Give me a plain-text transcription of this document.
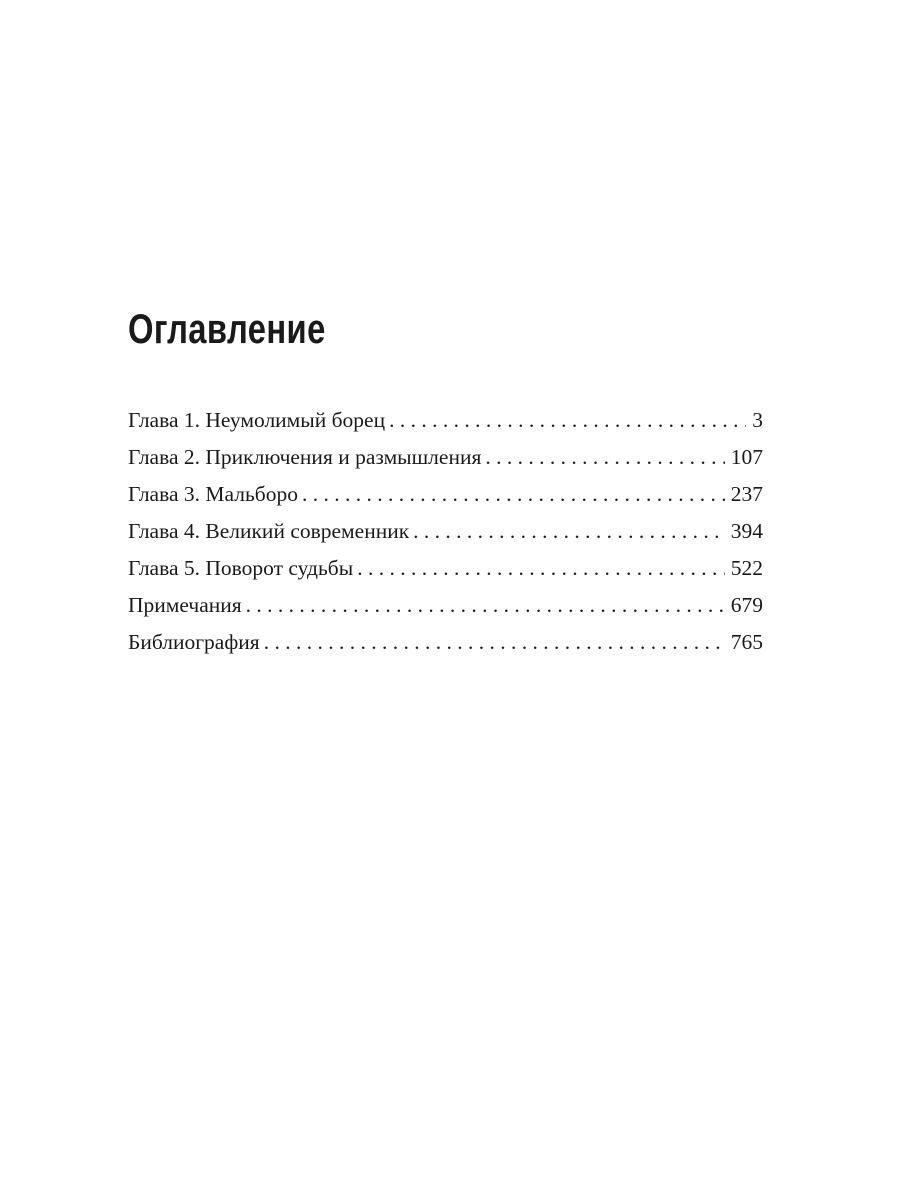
Оглавление
Глава 1. Неумолимый борец . . .	3
Глава 2. Приключения и размышления . . .	107
Глава 3. Мальборо . . .	237
Глава 4. Великий современник . . .	394
Глава 5. Поворот судьбы . . .	522
Примечания . . .	679
Библиография . . .	765
